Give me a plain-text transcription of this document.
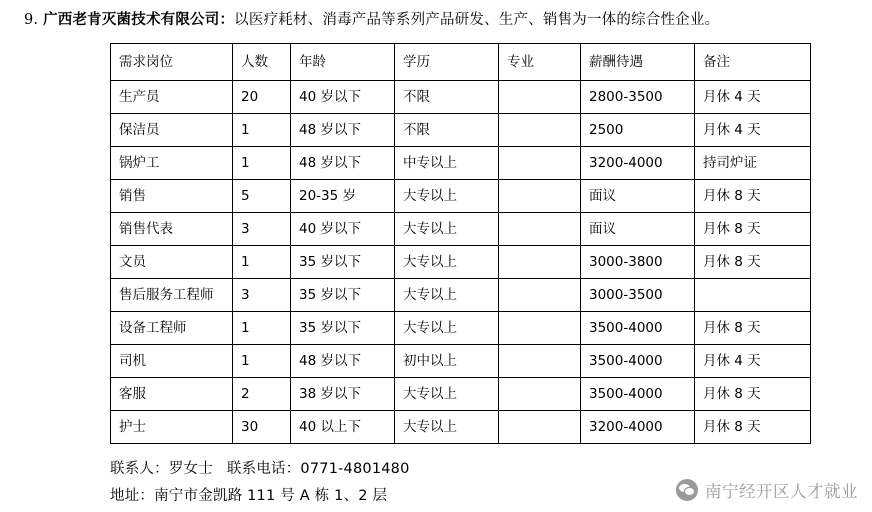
9. 广西老肯灭菌技术有限公司：以医疗耗材、消毒产品等系列产品研发、生产、销售为一体的综合性企业。
需求岗位	人数	年龄	学历	专业	薪酬待遇	备注
生产员	20	40 岁以下	不限		2800-3500	月休 4 天
保洁员	1	48 岁以下	不限		2500	月休 4 天
锅炉工	1	48 岁以下	中专以上		3200-4000	持司炉证
销售	5	20-35 岁	大专以上		面议	月休 8 天
销售代表	3	40 岁以下	大专以上		面议	月休 8 天
文员	1	35 岁以下	大专以上		3000-3800	月休 8 天
售后服务工程师	3	35 岁以下	大专以上		3000-3500	
设备工程师	1	35 岁以下	大专以上		3500-4000	月休 8 天
司机	1	48 岁以下	初中以上		3500-4000	月休 4 天
客服	2	38 岁以下	大专以上		3500-4000	月休 8 天
护士	30	40 以上下	大专以上		3200-4000	月休 8 天
联系人：罗女士 联系电话：0771-4801480
地址：南宁市金凯路 111 号 A 栋 1、2 层	南宁经开区人才就业
